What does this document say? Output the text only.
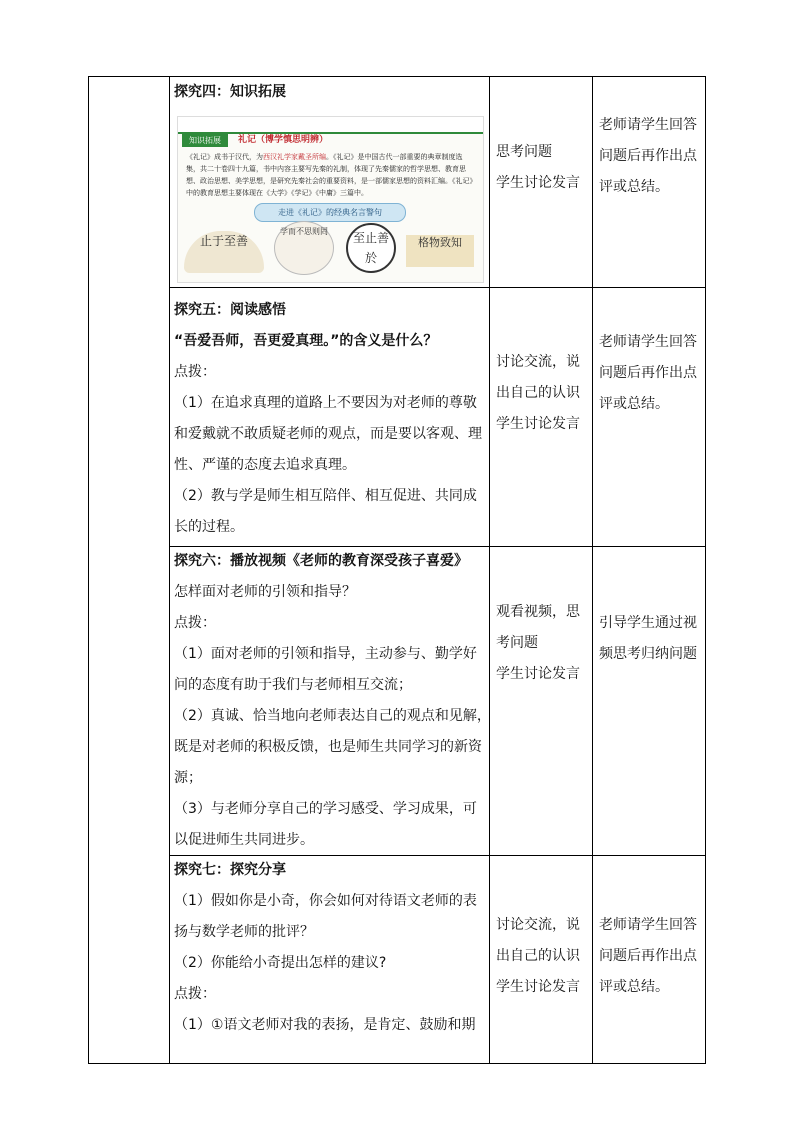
探究四：知识拓展

知识拓展	礼记（博学慎思明辨）
《礼记》成书于汉代，为西汉礼学家戴圣所编。《礼记》是中国古代一部重要的典章制度选集，共二十卷四十九篇，书中内容主要写先秦的礼制，体现了先秦儒家的哲学思想、教育思想、政治思想、美学思想，是研究先秦社会的重要资料，是一部儒家思想的资料汇编。《礼记》中的教育思想主要体现在《大学》《学记》《中庸》三篇中。
走进《礼记》的经典名言警句
止于至善
学而不思则罔	至止善於
格物致知

思考问题

学生讨论发言

老师请学生回答

问题后再作出点

评或总结。

探究五：阅读感悟

“吾爱吾师，吾更爱真理。”的含义是什么？

点拨：

（1）在追求真理的道路上不要因为对老师的尊敬

和爱戴就不敢质疑老师的观点，而是要以客观、理

性、严谨的态度去追求真理。

（2）教与学是师生相互陪伴、相互促进、共同成

长的过程。

讨论交流，说

出自己的认识

学生讨论发言

老师请学生回答

问题后再作出点

评或总结。

探究六：播放视频《老师的教育深受孩子喜爱》

怎样面对老师的引领和指导？

点拨：

（1）面对老师的引领和指导，主动参与、勤学好

问的态度有助于我们与老师相互交流；

（2）真诚、恰当地向老师表达自己的观点和见解，

既是对老师的积极反馈，也是师生共同学习的新资

源；

（3）与老师分享自己的学习感受、学习成果，可

以促进师生共同进步。

观看视频，思

考问题

学生讨论发言

引导学生通过视

频思考归纳问题

探究七：探究分享

（1）假如你是小奇，你会如何对待语文老师的表

扬与数学老师的批评？

（2）你能给小奇提出怎样的建议?

点拨：

（1）①语文老师对我的表扬，是肯定、鼓励和期

讨论交流，说

出自己的认识

学生讨论发言

老师请学生回答

问题后再作出点

评或总结。
